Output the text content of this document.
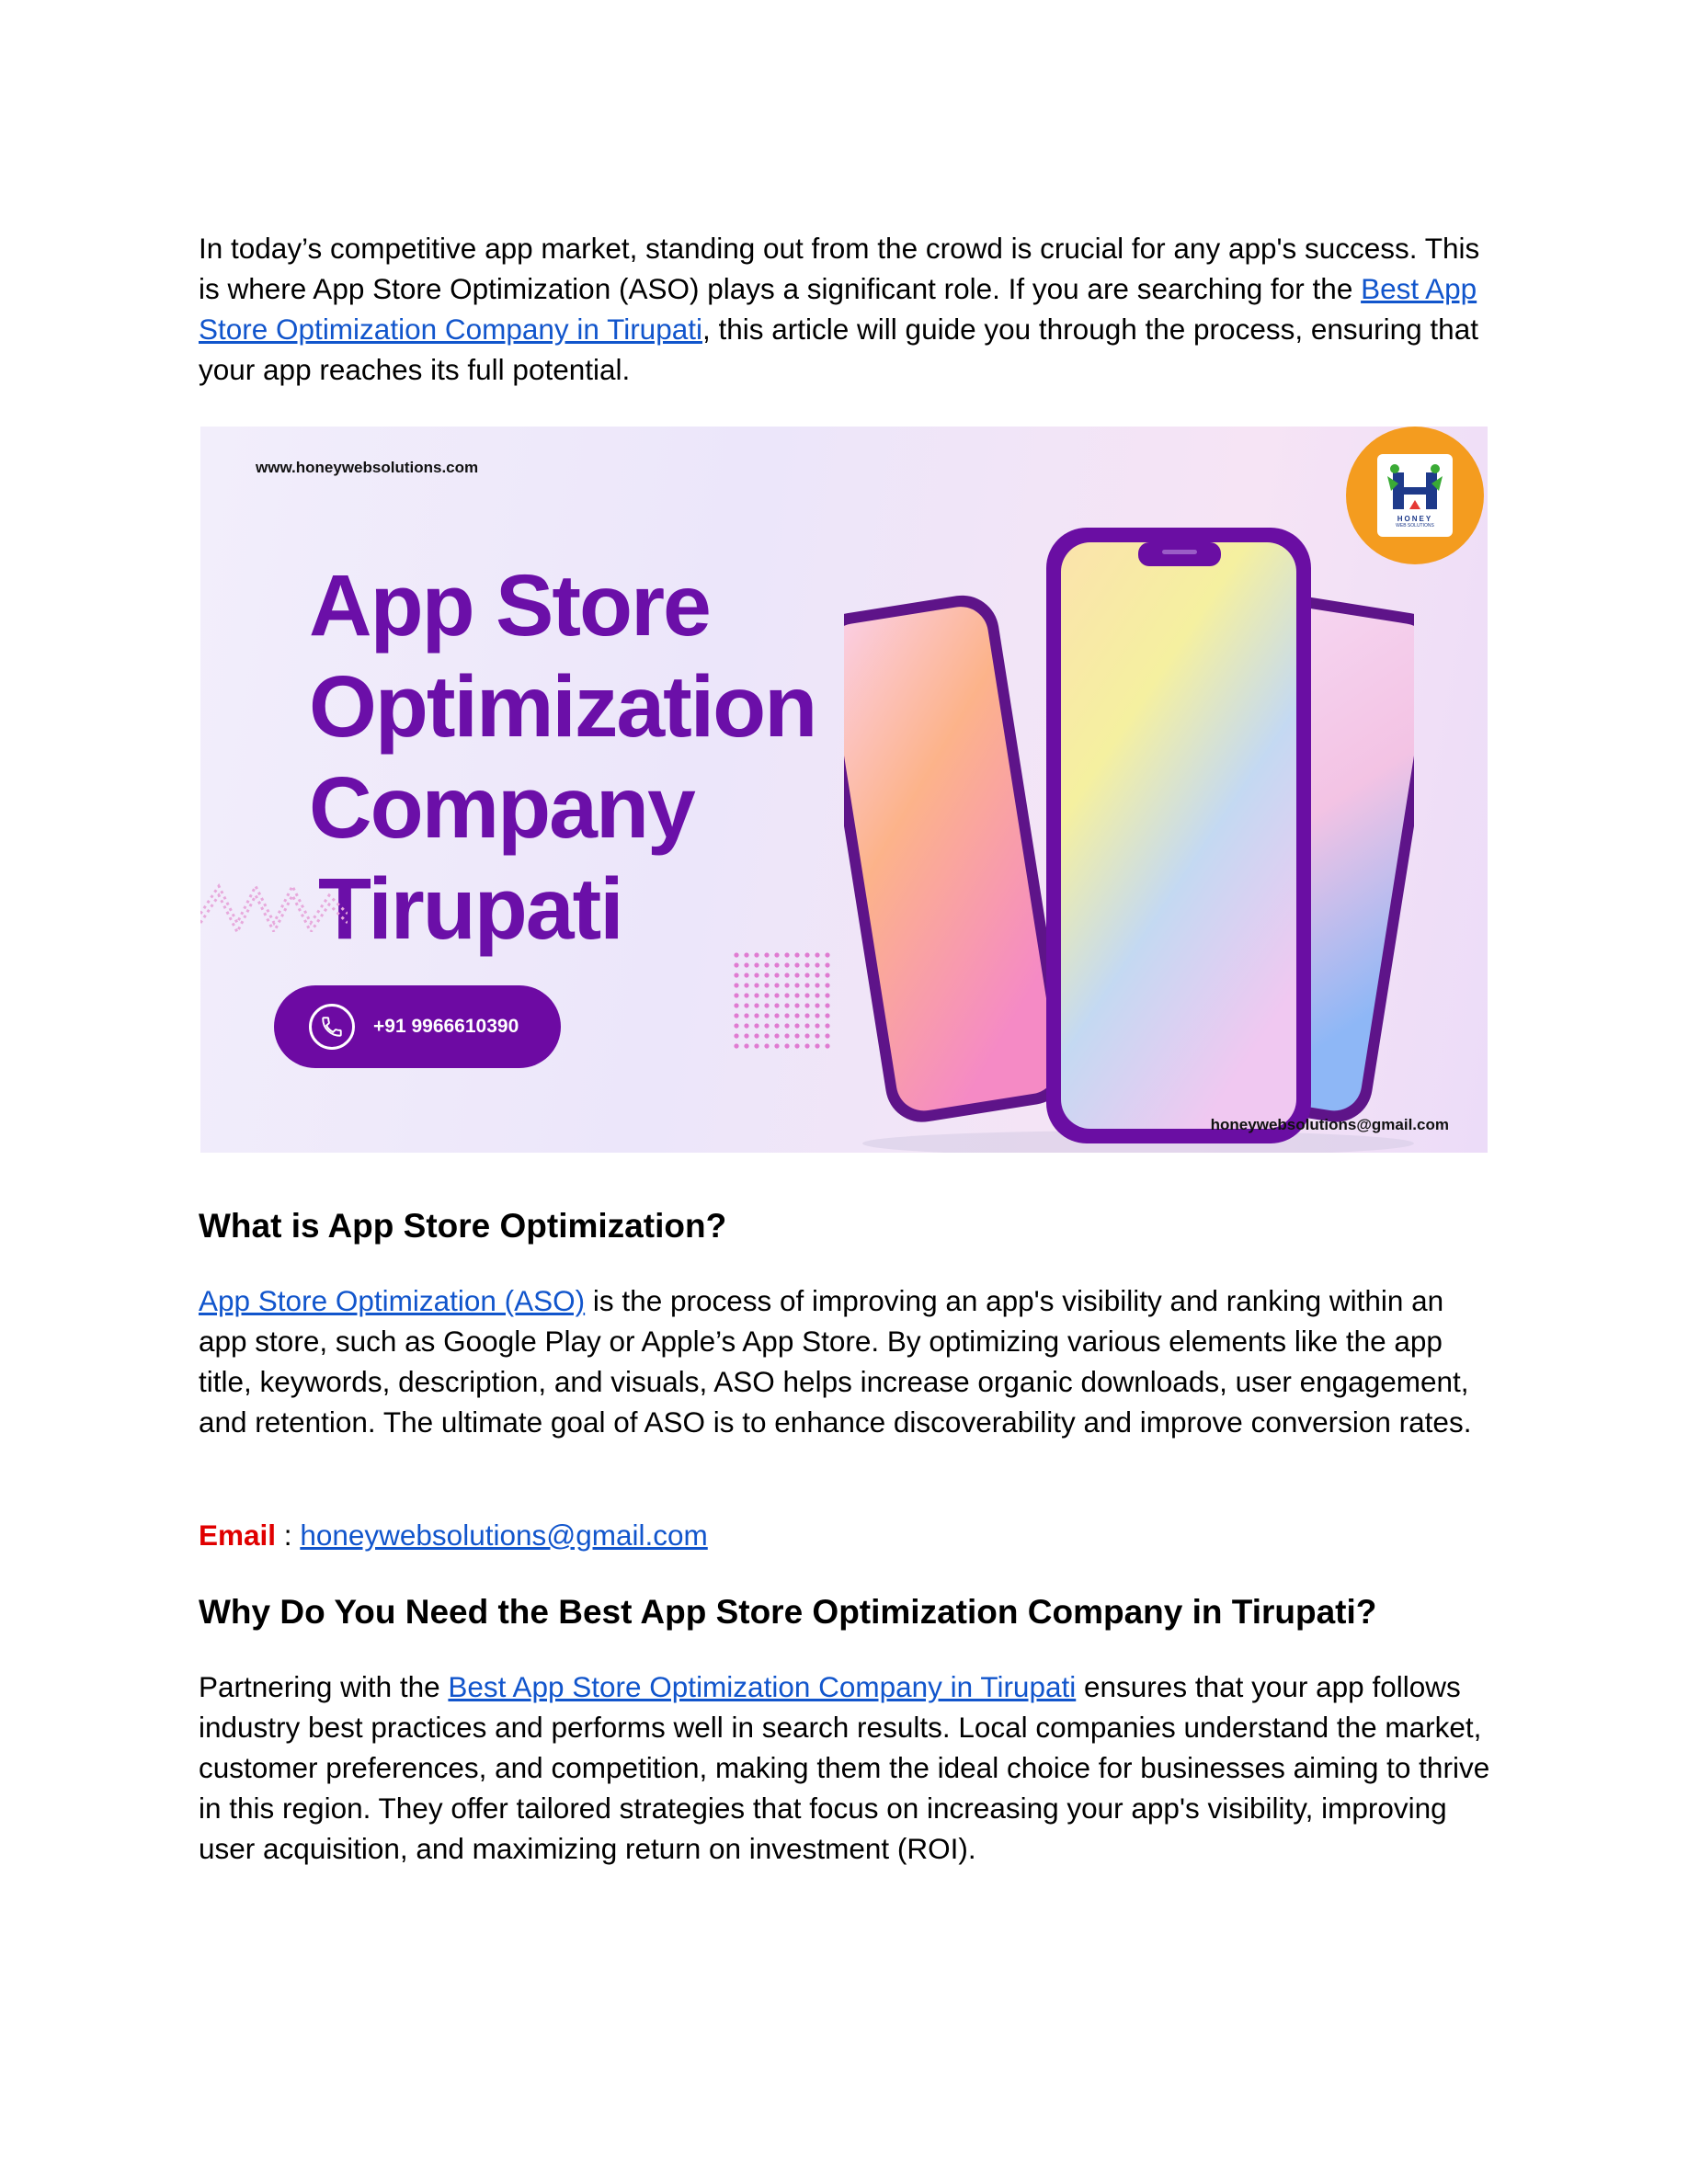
In today’s competitive app market, standing out from the crowd is crucial for any app's success. This is where App Store Optimization (ASO) plays a significant role. If you are searching for the Best App Store Optimization Company in Tirupati, this article will guide you through the process, ensuring that your app reaches its full potential.

www.honeywebsolutions.com
HONEY
WEB SOLUTIONS
App Store
Optimization
Company
Tirupati
+91 9966610390
honeywebsolutions@gmail.com
What is App Store Optimization?

App Store Optimization (ASO) is the process of improving an app's visibility and ranking within an app store, such as Google Play or Apple’s App Store. By optimizing various elements like the app title, keywords, description, and visuals, ASO helps increase organic downloads, user engagement, and retention. The ultimate goal of ASO is to enhance discoverability and improve conversion rates.

Email : honeywebsolutions@gmail.com

Why Do You Need the Best App Store Optimization Company in Tirupati?

Partnering with the Best App Store Optimization Company in Tirupati ensures that your app follows industry best practices and performs well in search results. Local companies understand the market, customer preferences, and competition, making them the ideal choice for businesses aiming to thrive in this region. They offer tailored strategies that focus on increasing your app's visibility, improving user acquisition, and maximizing return on investment (ROI).
